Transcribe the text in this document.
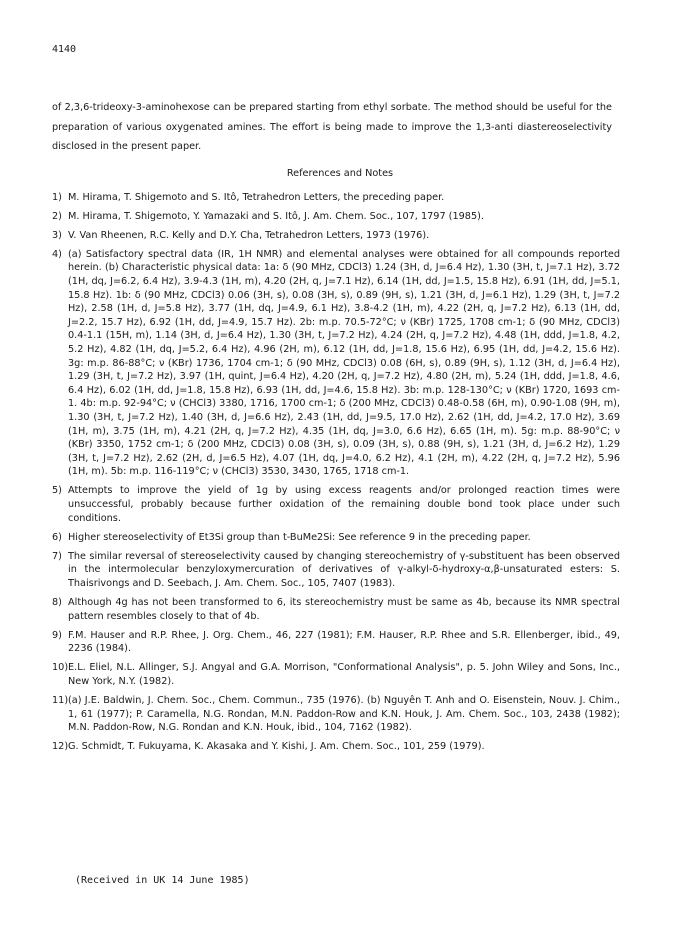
4140
of 2,3,6-trideoxy-3-aminohexose can be prepared starting from ethyl sorbate. The method should be useful for the preparation of various oxygenated amines. The effort is being made to improve the 1,3-anti diastereoselectivity disclosed in the present paper.
References and Notes
1) M. Hirama, T. Shigemoto and S. Itô, Tetrahedron Letters, the preceding paper.
2) M. Hirama, T. Shigemoto, Y. Yamazaki and S. Itô, J. Am. Chem. Soc., 107, 1797 (1985).
3) V. Van Rheenen, R.C. Kelly and D.Y. Cha, Tetrahedron Letters, 1973 (1976).
4) (a) Satisfactory spectral data (IR, 1H NMR) and elemental analyses were obtained for all compounds reported herein. (b) Characteristic physical data: 1a: δ (90 MHz, CDCl3) 1.24 (3H, d, J=6.4 Hz), 1.30 (3H, t, J=7.1 Hz), 3.72 (1H, dq, J=6.2, 6.4 Hz), 3.9-4.3 (1H, m), 4.20 (2H, q, J=7.1 Hz), 6.14 (1H, dd, J=1.5, 15.8 Hz), 6.91 (1H, dd, J=5.1, 15.8 Hz). 1b: δ (90 MHz, CDCl3) 0.06 (3H, s), 0.08 (3H, s), 0.89 (9H, s), 1.21 (3H, d, J=6.1 Hz), 1.29 (3H, t, J=7.2 Hz), 2.58 (1H, d, J=5.8 Hz), 3.77 (1H, dq, J=4.9, 6.1 Hz), 3.8-4.2 (1H, m), 4.22 (2H, q, J=7.2 Hz), 6.13 (1H, dd, J=2.2, 15.7 Hz), 6.92 (1H, dd, J=4.9, 15.7 Hz). 2b: m.p. 70.5-72°C; ν (KBr) 1725, 1708 cm-1; δ (90 MHz, CDCl3) 0.4-1.1 (15H, m), 1.14 (3H, d, J=6.4 Hz), 1.30 (3H, t, J=7.2 Hz), 4.24 (2H, q, J=7.2 Hz), 4.48 (1H, ddd, J=1.8, 4.2, 5.2 Hz), 4.82 (1H, dq, J=5.2, 6.4 Hz), 4.96 (2H, m), 6.12 (1H, dd, J=1.8, 15.6 Hz), 6.95 (1H, dd, J=4.2, 15.6 Hz). 3g: m.p. 86-88°C; ν (KBr) 1736, 1704 cm-1; δ (90 MHz, CDCl3) 0.08 (6H, s), 0.89 (9H, s), 1.12 (3H, d, J=6.4 Hz), 1.29 (3H, t, J=7.2 Hz), 3.97 (1H, quint, J=6.4 Hz), 4.20 (2H, q, J=7.2 Hz), 4.80 (2H, m), 5.24 (1H, ddd, J=1.8, 4.6, 6.4 Hz), 6.02 (1H, dd, J=1.8, 15.8 Hz), 6.93 (1H, dd, J=4.6, 15.8 Hz). 3b: m.p. 128-130°C; ν (KBr) 1720, 1693 cm-1. 4b: m.p. 92-94°C; ν (CHCl3) 3380, 1716, 1700 cm-1; δ (200 MHz, CDCl3) 0.48-0.58 (6H, m), 0.90-1.08 (9H, m), 1.30 (3H, t, J=7.2 Hz), 1.40 (3H, d, J=6.6 Hz), 2.43 (1H, dd, J=9.5, 17.0 Hz), 2.62 (1H, dd, J=4.2, 17.0 Hz), 3.69 (1H, m), 3.75 (1H, m), 4.21 (2H, q, J=7.2 Hz), 4.35 (1H, dq, J=3.0, 6.6 Hz), 6.65 (1H, m). 5g: m.p. 88-90°C; ν (KBr) 3350, 1752 cm-1; δ (200 MHz, CDCl3) 0.08 (3H, s), 0.09 (3H, s), 0.88 (9H, s), 1.21 (3H, d, J=6.2 Hz), 1.29 (3H, t, J=7.2 Hz), 2.62 (2H, d, J=6.5 Hz), 4.07 (1H, dq, J=4.0, 6.2 Hz), 4.1 (2H, m), 4.22 (2H, q, J=7.2 Hz), 5.96 (1H, m). 5b: m.p. 116-119°C; ν (CHCl3) 3530, 3430, 1765, 1718 cm-1.
5) Attempts to improve the yield of 1g by using excess reagents and/or prolonged reaction times were unsuccessful, probably because further oxidation of the remaining double bond took place under such conditions.
6) Higher stereoselectivity of Et3Si group than t-BuMe2Si: See reference 9 in the preceding paper.
7) The similar reversal of stereoselectivity caused by changing stereochemistry of γ-substituent has been observed in the intermolecular benzyloxymercuration of derivatives of γ-alkyl-δ-hydroxy-α,β-unsaturated esters: S. Thaisrivongs and D. Seebach, J. Am. Chem. Soc., 105, 7407 (1983).
8) Although 4g has not been transformed to 6, its stereochemistry must be same as 4b, because its NMR spectral pattern resembles closely to that of 4b.
9) F.M. Hauser and R.P. Rhee, J. Org. Chem., 46, 227 (1981); F.M. Hauser, R.P. Rhee and S.R. Ellenberger, ibid., 49, 2236 (1984).
10) E.L. Eliel, N.L. Allinger, S.J. Angyal and G.A. Morrison, "Conformational Analysis", p. 5. John Wiley and Sons, Inc., New York, N.Y. (1982).
11) (a) J.E. Baldwin, J. Chem. Soc., Chem. Commun., 735 (1976). (b) Nguyên T. Anh and O. Eisenstein, Nouv. J. Chim., 1, 61 (1977); P. Caramella, N.G. Rondan, M.N. Paddon-Row and K.N. Houk, J. Am. Chem. Soc., 103, 2438 (1982); M.N. Paddon-Row, N.G. Rondan and K.N. Houk, ibid., 104, 7162 (1982).
12) G. Schmidt, T. Fukuyama, K. Akasaka and Y. Kishi, J. Am. Chem. Soc., 101, 259 (1979).
(Received in UK 14 June 1985)
